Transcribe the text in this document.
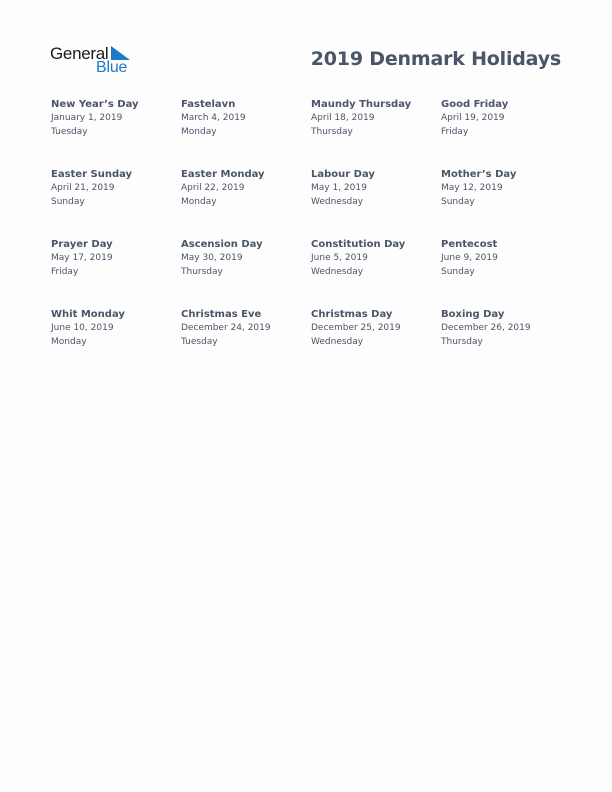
General
Blue	2019 Denmark Holidays
New Year’s Day
January 1, 2019
Tuesday
Fastelavn
March 4, 2019
Monday
Maundy Thursday
April 18, 2019
Thursday
Good Friday
April 19, 2019
Friday
Easter Sunday
April 21, 2019
Sunday
Easter Monday
April 22, 2019
Monday
Labour Day
May 1, 2019
Wednesday
Mother’s Day
May 12, 2019
Sunday
Prayer Day
May 17, 2019
Friday
Ascension Day
May 30, 2019
Thursday
Constitution Day
June 5, 2019
Wednesday
Pentecost
June 9, 2019
Sunday
Whit Monday
June 10, 2019
Monday
Christmas Eve
December 24, 2019
Tuesday
Christmas Day
December 25, 2019
Wednesday
Boxing Day
December 26, 2019
Thursday
